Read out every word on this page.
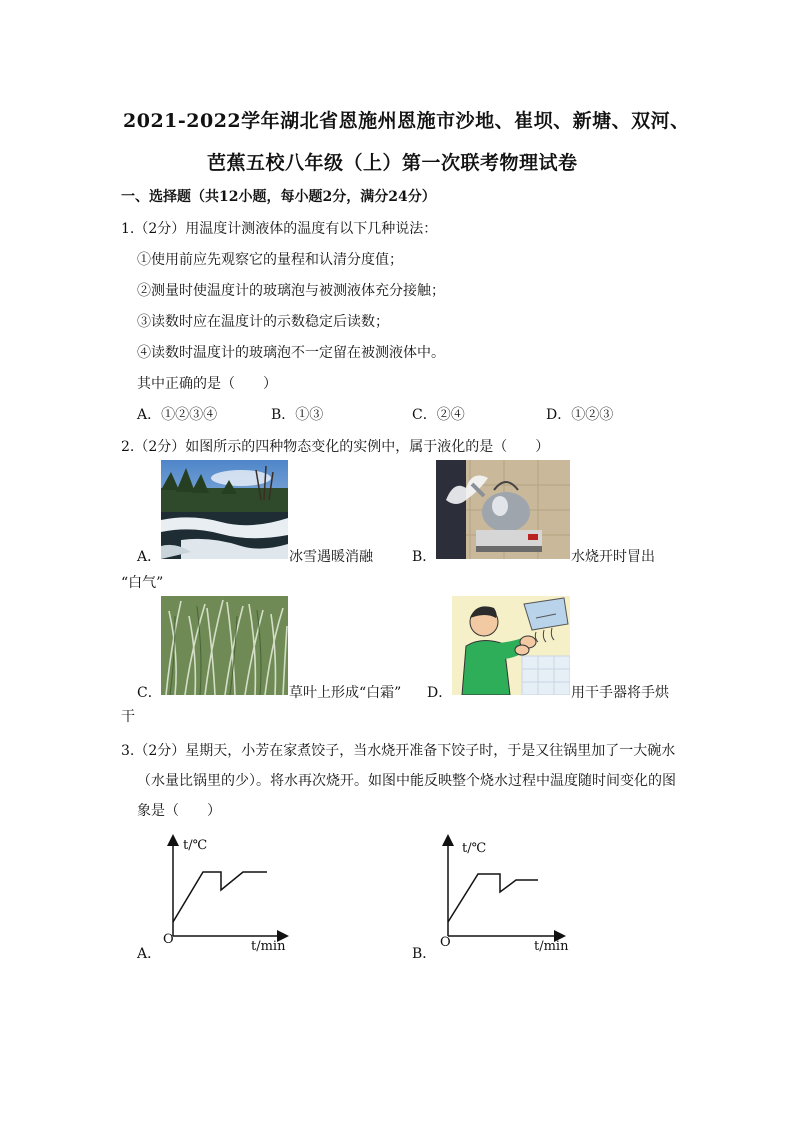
2021-2022学年湖北省恩施州恩施市沙地、崔坝、新塘、双河、
芭蕉五校八年级（上）第一次联考物理试卷
一、选择题（共12小题，每小题2分，满分24分）
1.（2分）用温度计测液体的温度有以下几种说法：
①使用前应先观察它的量程和认清分度值；
②测量时使温度计的玻璃泡与被测液体充分接触；
③读数时应在温度计的示数稳定后读数；
④读数时温度计的玻璃泡不一定留在被测液体中。
其中正确的是（　　）
A．①②③④	B．①③	C．②④	D．①②③
2.（2分）如图所示的四种物态变化的实例中，属于液化的是（　　）
A．	冰雪遇暖消融	B．	水烧开时冒出
“白气”
C．	草叶上形成“白霜” D．	用干手器将手烘
干
3.（2分）星期天，小芳在家煮饺子，当水烧开准备下饺子时，于是又往锅里加了一大碗水
（水量比锅里的少）。将水再次烧开。如图中能反映整个烧水过程中温度随时间变化的图
象是（　　）
t/℃
O	t/min
A．
t/℃
O	t/min
B．
